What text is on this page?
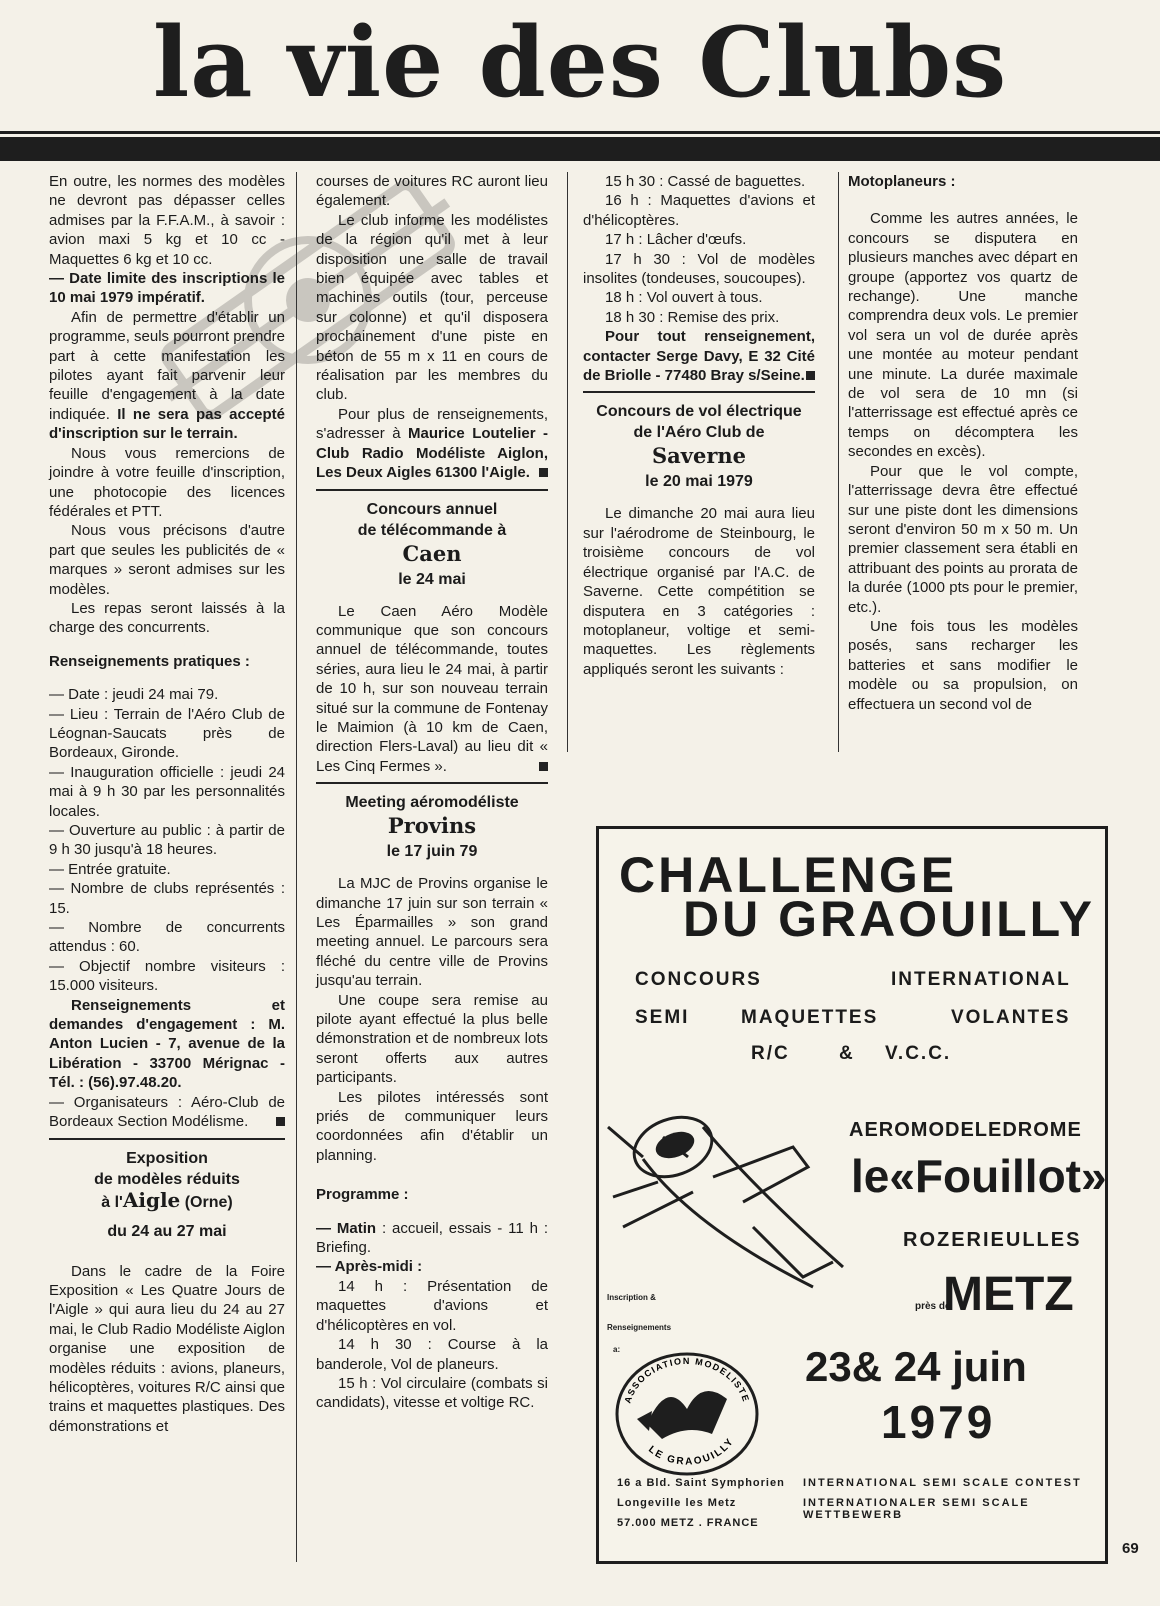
la vie des Clubs

En outre, les normes des modèles ne devront pas dépasser celles admises par la F.F.A.M., à savoir : avion maxi 5 kg et 10 cc - Maquettes 6 kg et 10 cc.

— Date limite des inscriptions le 10 mai 1979 impératif.

Afin de permettre d'établir un programme, seuls pourront prendre part à cette manifestation les pilotes ayant fait parvenir leur feuille d'engagement à la date indiquée. Il ne sera pas accepté d'inscription sur le terrain.

Nous vous remercions de joindre à votre feuille d'inscription, une photocopie des licences fédérales et PTT.

Nous vous précisons d'autre part que seules les publicités de « marques » seront admises sur les modèles.

Les repas seront laissés à la charge des concurrents.

Renseignements pratiques :

— Date : jeudi 24 mai 79.

— Lieu : Terrain de l'Aéro Club de Léognan-Saucats près de Bordeaux, Gironde.

— Inauguration officielle : jeudi 24 mai à 9 h 30 par les personnalités locales.

— Ouverture au public : à partir de 9 h 30 jusqu'à 18 heures.

— Entrée gratuite.

— Nombre de clubs représentés : 15.

— Nombre de concurrents attendus : 60.

— Objectif nombre visiteurs : 15.000 visiteurs.

Renseignements et demandes d'engagement : M. Anton Lucien - 7, avenue de la Libération - 33700 Mérignac - Tél. : (56).97.48.20.

— Organisateurs : Aéro-Club de Bordeaux Section Modélisme.

Exposition
de modèles réduits
à l'Aigle (Orne)
du 24 au 27 mai

Dans le cadre de la Foire Exposition « Les Quatre Jours de l'Aigle » qui aura lieu du 24 au 27 mai, le Club Radio Modéliste Aiglon organise une exposition de modèles réduits : avions, planeurs, hélicoptères, voitures R/C ainsi que trains et maquettes plastiques. Des démonstrations et

courses de voitures RC auront lieu également.

Le club informe les modélistes de la région qu'il met à leur disposition une salle de travail bien équipée avec tables et machines outils (tour, perceuse sur colonne) et qu'il disposera prochainement d'une piste en béton de 55 m x 11 en cours de réalisation par les membres du club.

Pour plus de renseignements, s'adresser à Maurice Loutelier - Club Radio Modéliste Aiglon, Les Deux Aigles 61300 l'Aigle.

Concours annuel
de télécommande à
Caen
le 24 mai

Le Caen Aéro Modèle communique que son concours annuel de télécommande, toutes séries, aura lieu le 24 mai, à partir de 10 h, sur son nouveau terrain situé sur la commune de Fontenay le Maimion (à 10 km de Caen, direction Flers-Laval) au lieu dit « Les Cinq Fermes ».

Meeting aéromodéliste
Provins
le 17 juin 79

La MJC de Provins organise le dimanche 17 juin sur son terrain « Les Éparmailles » son grand meeting annuel. Le parcours sera fléché du centre ville de Provins jusqu'au terrain.

Une coupe sera remise au pilote ayant effectué la plus belle démonstration et de nombreux lots seront offerts aux autres participants.

Les pilotes intéressés sont priés de communiquer leurs coordonnées afin d'établir un planning.

Programme :

— Matin : accueil, essais - 11 h : Briefing.

— Après-midi :

14 h : Présentation de maquettes d'avions et d'hélicoptères en vol.

14 h 30 : Course à la banderole, Vol de planeurs.

15 h : Vol circulaire (combats si candidats), vitesse et voltige RC.

15 h 30 : Cassé de baguettes.

16 h : Maquettes d'avions et d'hélicoptères.

17 h : Lâcher d'œufs.

17 h 30 : Vol de modèles insolites (tondeuses, soucoupes).

18 h : Vol ouvert à tous.

18 h 30 : Remise des prix.

Pour tout renseignement, contacter Serge Davy, E 32 Cité de Briolle - 77480 Bray s/Seine.

Concours de vol électrique
de l'Aéro Club de
Saverne
le 20 mai 1979

Le dimanche 20 mai aura lieu sur l'aérodrome de Steinbourg, le troisième concours de vol électrique organisé par l'A.C. de Saverne. Cette compétition se disputera en 3 catégories : motoplaneur, voltige et semi-maquettes. Les règlements appliqués seront les suivants :

Motoplaneurs :

Comme les autres années, le concours se disputera en plusieurs manches avec départ en groupe (apportez vos quartz de rechange). Une manche comprendra deux vols. Le premier vol sera un vol de durée après une montée au moteur pendant une minute. La durée maximale de vol sera de 10 mn (si l'atterrissage est effectué après ce temps on décomptera les secondes en excès).

Pour que le vol compte, l'atterrissage devra être effectué sur une piste dont les dimensions seront d'environ 50 m x 50 m. Un premier classement sera établi en attribuant des points au prorata de la durée (1000 pts pour le premier, etc.).

Une fois tous les modèles posés, sans recharger les batteries et sans modifier le modèle ou sa propulsion, on effectuera un second vol de

CHALLENGE
DU GRAOUILLY
CONCOURS	INTERNATIONAL
SEMI	MAQUETTES	VOLANTES
R/C	& V.C.C.
AEROMODELEDROME
le«Fouillot»
ROZERIEULLES
près de
METZ
23& 24 juin
1979
Inscription &
Renseignements
a:
ASSOCIATION MODELISTE
LE GRAOUILLY
16 a Bld. Saint Symphorien
Longeville les Metz
57.000 METZ . FRANCE
INTERNATIONAL SEMI SCALE CONTEST
INTERNATIONALER SEMI SCALE WETTBEWERB
69
